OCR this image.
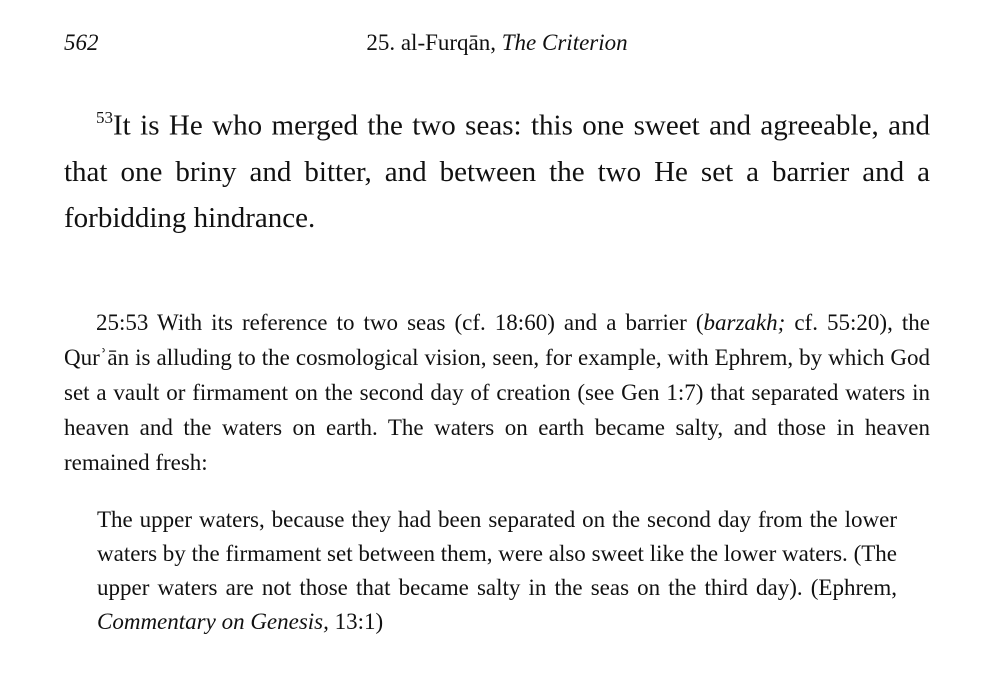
562	25. al-Furqān, The Criterion

$^{53}$It is He who merged the two seas: this one sweet and agreeable, and that one briny and bitter, and between the two He set a barrier and a forbidding hindrance.

25:53 With its reference to two seas (cf. 18:60) and a barrier (barzakh; cf. 55:20), the Qurʾān is alluding to the cosmological vision, seen, for example, with Ephrem, by which God set a vault or firmament on the second day of creation (see Gen 1:7) that separated waters in heaven and the waters on earth. The waters on earth became salty, and those in heaven remained fresh:

The upper waters, because they had been separated on the second day from the lower waters by the firmament set between them, were also sweet like the lower waters. (The upper waters are not those that became salty in the seas on the third day). (Ephrem, Commentary on Genesis, 13:1)
